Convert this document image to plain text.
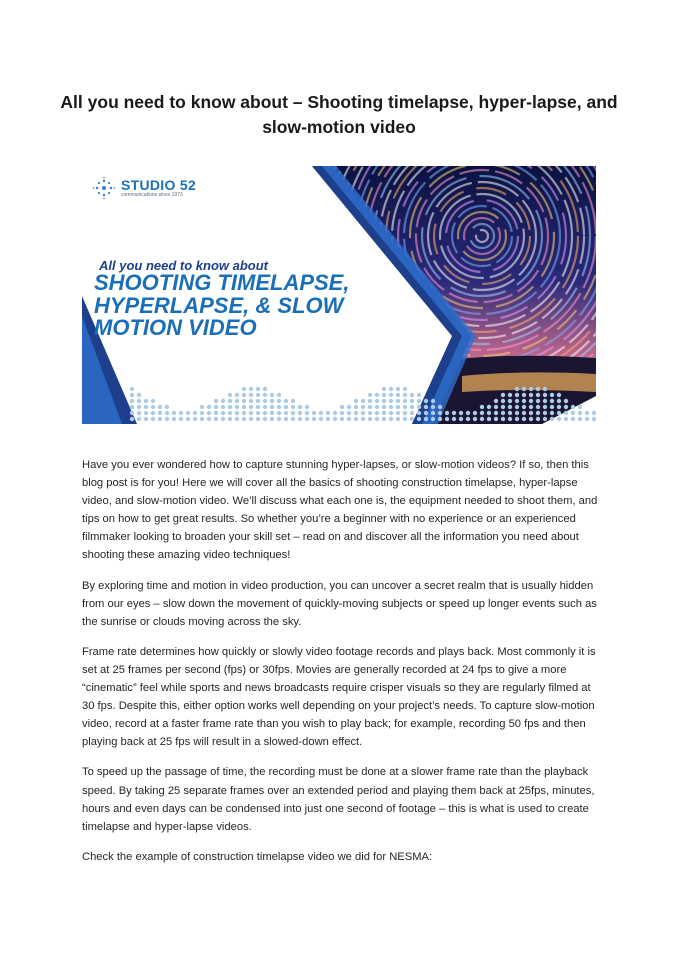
All you need to know about – Shooting timelapse, hyper-lapse, and slow-motion video
STUDIO 52
communications since 1973
All you need to know about
SHOOTING TIMELAPSE,
HYPERLAPSE, & SLOW
MOTION VIDEO

Have you ever wondered how to capture stunning hyper-lapses, or slow-motion videos? If so, then this blog post is for you! Here we will cover all the basics of shooting construction timelapse, hyper-lapse video, and slow-motion video. We’ll discuss what each one is, the equipment needed to shoot them, and tips on how to get great results. So whether you’re a beginner with no experience or an experienced filmmaker looking to broaden your skill set – read on and discover all the information you need about shooting these amazing video techniques!

By exploring time and motion in video production, you can uncover a secret realm that is usually hidden from our eyes – slow down the movement of quickly-moving subjects or speed up longer events such as the sunrise or clouds moving across the sky.

Frame rate determines how quickly or slowly video footage records and plays back. Most commonly it is set at 25 frames per second (fps) or 30fps. Movies are generally recorded at 24 fps to give a more “cinematic” feel while sports and news broadcasts require crisper visuals so they are regularly filmed at 30 fps. Despite this, either option works well depending on your project’s needs. To capture slow-motion video, record at a faster frame rate than you wish to play back; for example, recording 50 fps and then playing back at 25 fps will result in a slowed-down effect.

To speed up the passage of time, the recording must be done at a slower frame rate than the playback speed. By taking 25 separate frames over an extended period and playing them back at 25fps, minutes, hours and even days can be condensed into just one second of footage – this is what is used to create timelapse and hyper-lapse videos.

Check the example of construction timelapse video we did for NESMA:
